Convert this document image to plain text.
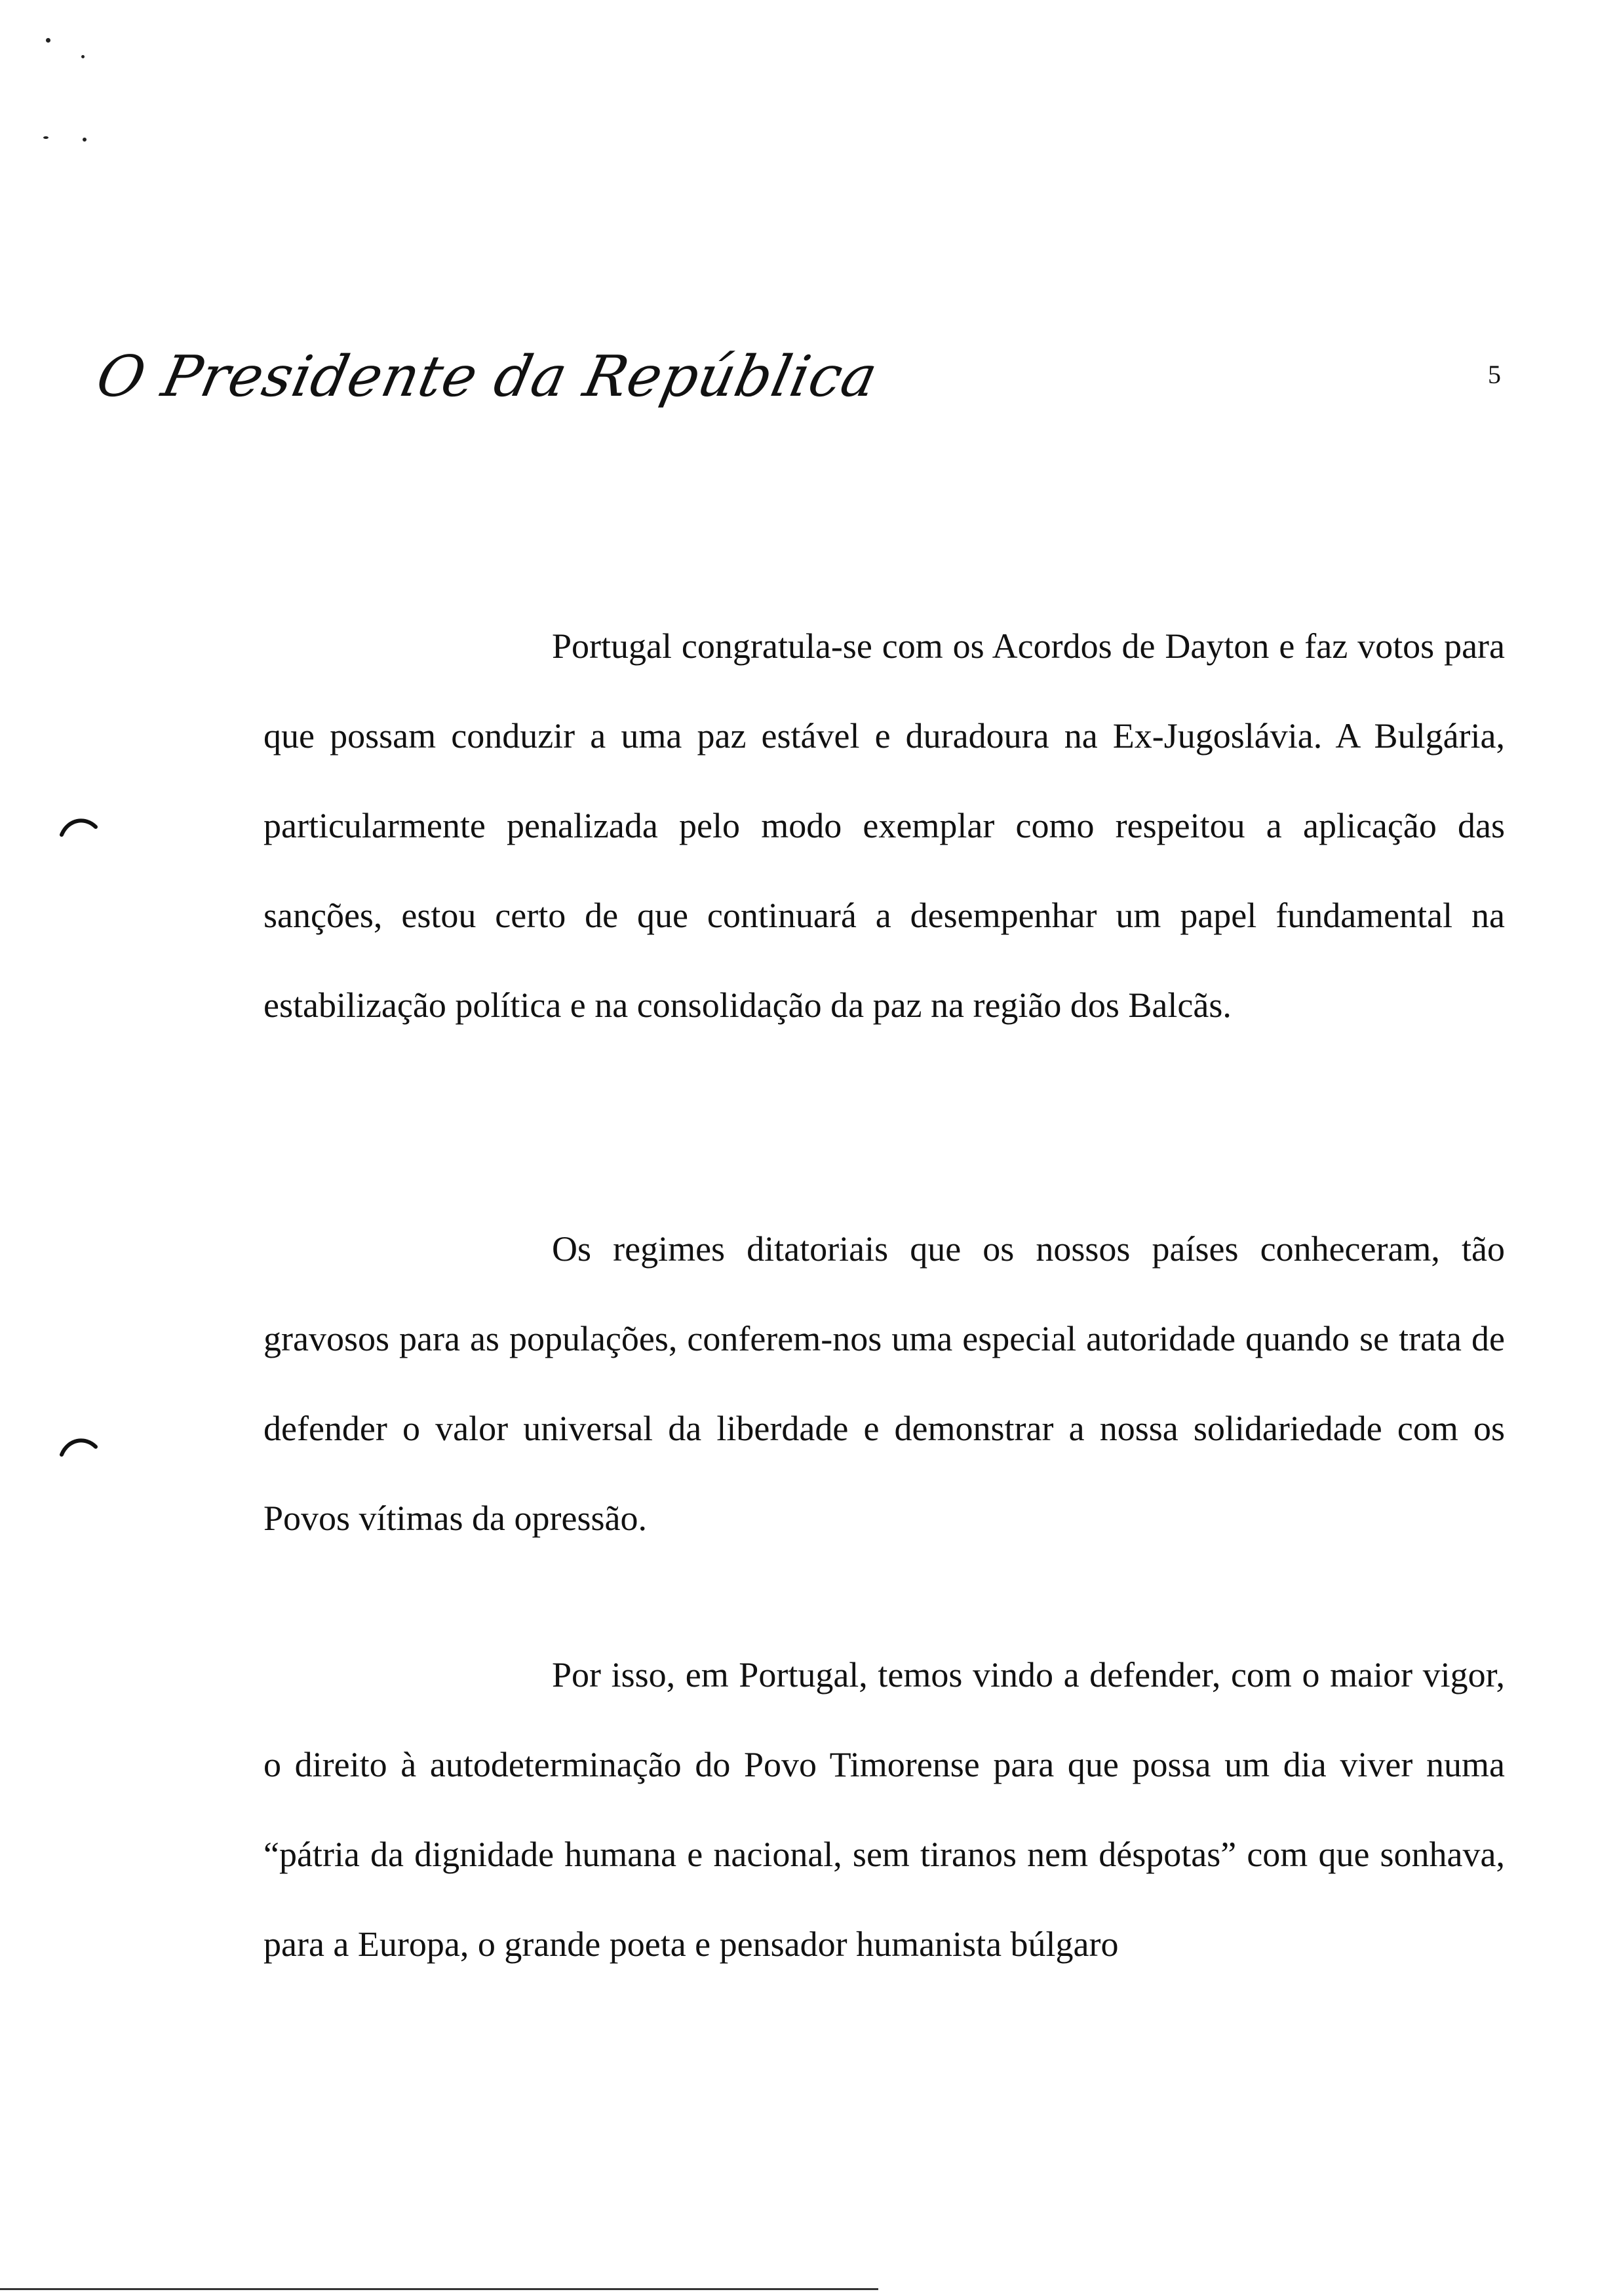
O Presidente da República	5

Portugal congratula-se com os Acordos de Dayton e faz votos para que possam conduzir a uma paz estável e duradoura na Ex-Jugoslávia. A Bulgária, particularmente penalizada pelo modo exemplar como respeitou a aplicação das sanções, estou certo de que continuará a desempenhar um papel fundamental na estabilização política e na consolidação da paz na região dos Balcãs.

Os regimes ditatoriais que os nossos países conheceram, tão gravosos para as populações, conferem-nos uma especial autoridade quando se trata de defender o valor universal da liberdade e demonstrar a nossa solidariedade com os Povos vítimas da opressão.

Por isso, em Portugal, temos vindo a defender, com o maior vigor, o direito à autodeterminação do Povo Timorense para que possa um dia viver numa “pátria da dignidade humana e nacional, sem tiranos nem déspotas” com que sonhava, para a Europa, o grande poeta e pensador humanista búlgaro
